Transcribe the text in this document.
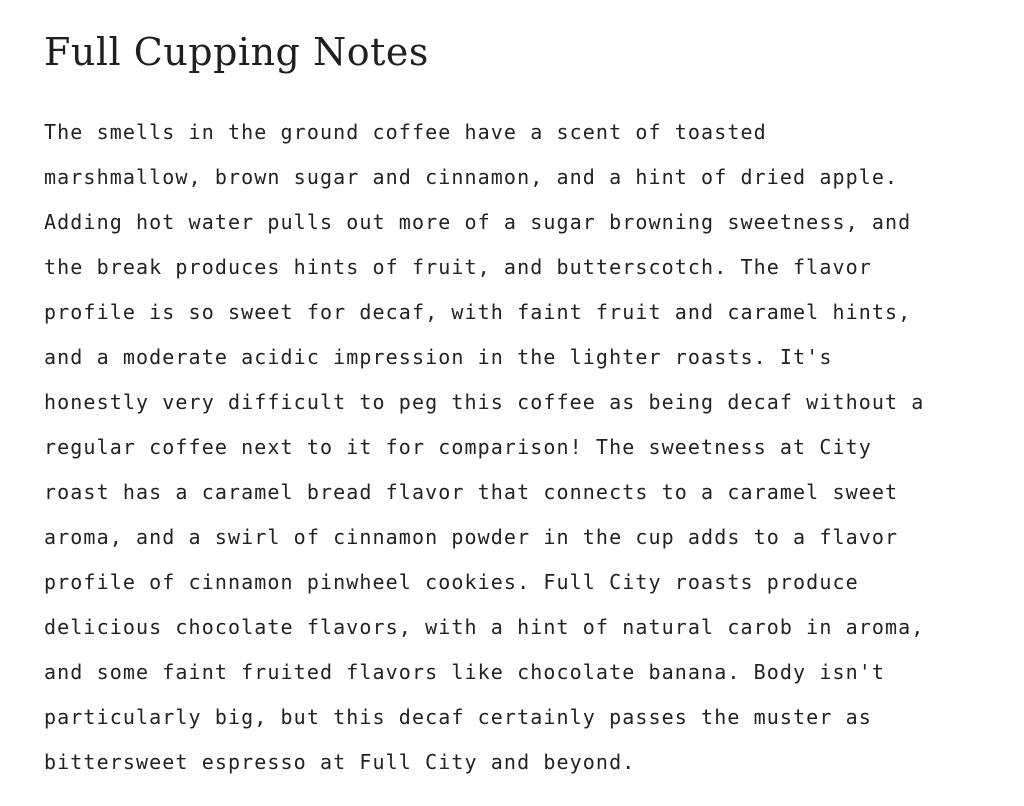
Full Cupping Notes

The smells in the ground coffee have a scent of toasted
marshmallow, brown sugar and cinnamon, and a hint of dried apple.
Adding hot water pulls out more of a sugar browning sweetness, and
the break produces hints of fruit, and butterscotch. The flavor
profile is so sweet for decaf, with faint fruit and caramel hints,
and a moderate acidic impression in the lighter roasts. It's
honestly very difficult to peg this coffee as being decaf without a
regular coffee next to it for comparison! The sweetness at City
roast has a caramel bread flavor that connects to a caramel sweet
aroma, and a swirl of cinnamon powder in the cup adds to a flavor
profile of cinnamon pinwheel cookies. Full City roasts produce
delicious chocolate flavors, with a hint of natural carob in aroma,
and some faint fruited flavors like chocolate banana. Body isn't
particularly big, but this decaf certainly passes the muster as
bittersweet espresso at Full City and beyond.
